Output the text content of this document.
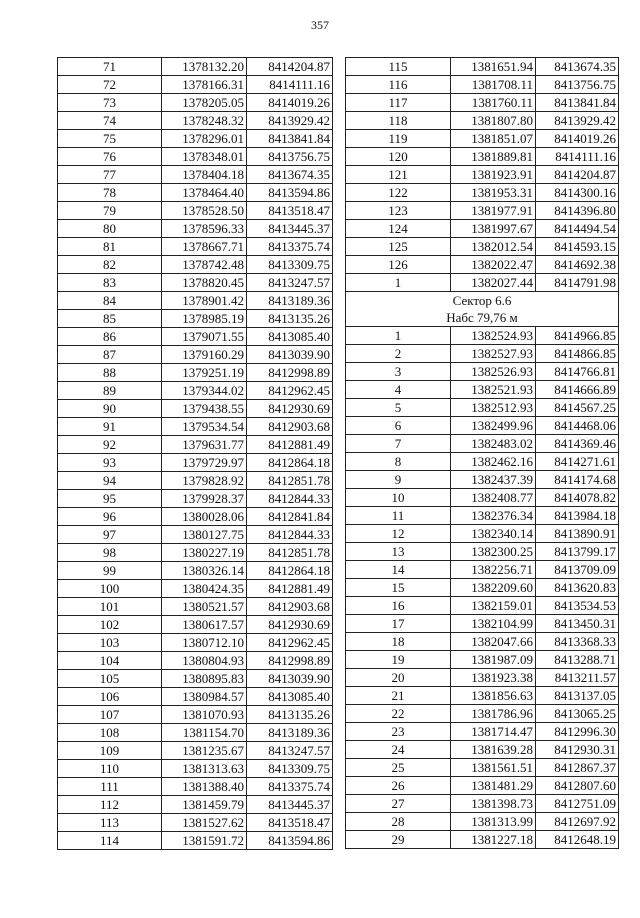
357
71	1378132.20	8414204.87
72	1378166.31	8414111.16
73	1378205.05	8414019.26
74	1378248.32	8413929.42
75	1378296.01	8413841.84
76	1378348.01	8413756.75
77	1378404.18	8413674.35
78	1378464.40	8413594.86
79	1378528.50	8413518.47
80	1378596.33	8413445.37
81	1378667.71	8413375.74
82	1378742.48	8413309.75
83	1378820.45	8413247.57
84	1378901.42	8413189.36
85	1378985.19	8413135.26
86	1379071.55	8413085.40
87	1379160.29	8413039.90
88	1379251.19	8412998.89
89	1379344.02	8412962.45
90	1379438.55	8412930.69
91	1379534.54	8412903.68
92	1379631.77	8412881.49
93	1379729.97	8412864.18
94	1379828.92	8412851.78
95	1379928.37	8412844.33
96	1380028.06	8412841.84
97	1380127.75	8412844.33
98	1380227.19	8412851.78
99	1380326.14	8412864.18
100	1380424.35	8412881.49
101	1380521.57	8412903.68
102	1380617.57	8412930.69
103	1380712.10	8412962.45
104	1380804.93	8412998.89
105	1380895.83	8413039.90
106	1380984.57	8413085.40
107	1381070.93	8413135.26
108	1381154.70	8413189.36
109	1381235.67	8413247.57
110	1381313.63	8413309.75
111	1381388.40	8413375.74
112	1381459.79	8413445.37
113	1381527.62	8413518.47
114	1381591.72	8413594.86
115	1381651.94	8413674.35
116	1381708.11	8413756.75
117	1381760.11	8413841.84
118	1381807.80	8413929.42
119	1381851.07	8414019.26
120	1381889.81	8414111.16
121	1381923.91	8414204.87
122	1381953.31	8414300.16
123	1381977.91	8414396.80
124	1381997.67	8414494.54
125	1382012.54	8414593.15
126	1382022.47	8414692.38
1	1382027.44	8414791.98
Сектор 6.6		
Набс 79,76 м		
1	1382524.93	8414966.85
2	1382527.93	8414866.85
3	1382526.93	8414766.81
4	1382521.93	8414666.89
5	1382512.93	8414567.25
6	1382499.96	8414468.06
7	1382483.02	8414369.46
8	1382462.16	8414271.61
9	1382437.39	8414174.68
10	1382408.77	8414078.82
11	1382376.34	8413984.18
12	1382340.14	8413890.91
13	1382300.25	8413799.17
14	1382256.71	8413709.09
15	1382209.60	8413620.83
16	1382159.01	8413534.53
17	1382104.99	8413450.31
18	1382047.66	8413368.33
19	1381987.09	8413288.71
20	1381923.38	8413211.57
21	1381856.63	8413137.05
22	1381786.96	8413065.25
23	1381714.47	8412996.30
24	1381639.28	8412930.31
25	1381561.51	8412867.37
26	1381481.29	8412807.60
27	1381398.73	8412751.09
28	1381313.99	8412697.92
29	1381227.18	8412648.19
